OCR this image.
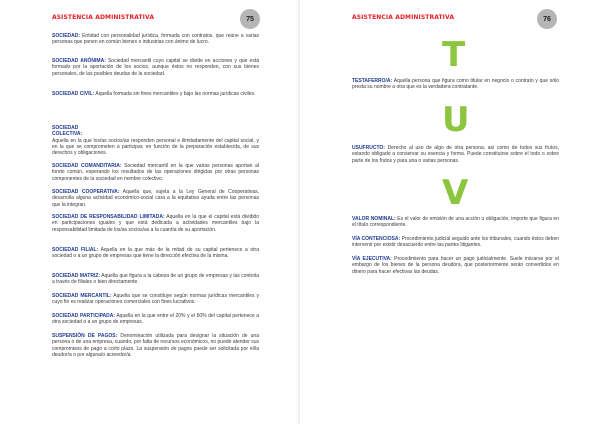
ASISTENCIA ADMINISTRATIVA	75
SOCIEDAD: Entidad con personalidad jurídica, formada con contratos, que reúne a varias personas que ponen en común bienes o industrias con ánimo de lucro.
SOCIEDAD ANÓNIMA: Sociedad mercantil cuyo capital se divide en acciones y que está formado por la aportación de los socios, aunque éstos no responden, con sus bienes personales, de las posibles deudas de la sociedad.
SOCIEDAD CIVIL: Aquella formada sin fines mercantiles y bajo las normas jurídicas civiles.
SOCIEDAD
COLECTIVA:
Aquella en la que los/as socios/as responden personal e ilimitadamente del capital social, y en la que se comprometen a participar, en función de la preparación establecida, de sus derechos y obligaciones.
SOCIEDAD COMANDITARIA: Sociedad mercantil en la que varias personas aportan al fondo común, esperando los resultados de las operaciones dirigidas por otras personas componentes de la sociedad en nombre colectivo.
SOCIEDAD COOPERATIVA: Aquella que, sujeta a la Ley General de Cooperativas, desarrolla alguna actividad económico-social cara a la equitativa ayuda entre las personas que la integran.
SOCIEDAD DE RESPONSABILIDAD LIMITADA: Aquella en la que el capital está dividido en participaciones iguales y que está dedicada a actividades mercantiles bajo la responsabilidad limitada de los/as socios/as a la cuantía de su aportación.
SOCIEDAD FILIAL: Aquella en la que más de la mitad de su capital pertenece a otra sociedad o a un grupo de empresas que tiene la dirección efectiva de la misma.
SOCIEDAD MATRIZ: Aquella que figura a la cabeza de un grupo de empresas y las controla a través de filiales o bien directamente.
SOCIEDAD MERCANTIL: Aquella que se constituye según normas jurídicas mercantiles y cuyo fin es realizar operaciones comerciales con fines lucrativos.
SOCIEDAD PARTICIPADA: Aquella en la que entre el 20% y el 50% del capital pertenece a otra sociedad o a un grupo de empresas.
SUSPENSIÓN DE PAGOS: Denominación utilizada para designar la situación de una persona o de una empresa, cuando, por falta de recursos económicos, no puede atender sus compromisos de pago a corto plazo. La suspensión de pagos puede ser solicitada por el/la deudor/a o por alguna/o acreedor/a.
ASISTENCIA ADMINISTRATIVA	76
T
TESTAFERRO/A: Aquella persona que figura como titular en negocio o contrato y que sólo presta su nombre a otra que es la verdadera contratante.
U
USUFRUCTO: Derecho al uso de algo de otra persona, así como de todos sus frutos, estando obligado a conservar su esencia y forma. Puede constituirse sobre el todo o sobre parte de los frutos y para una o varias personas.
V
VALOR NOMINAL: Es el valor de emisión de una acción u obligación, importe que figura en el título correspondiente.
VÍA CONTENCIOSA: Procedimiento judicial seguido ante los tribunales, cuando éstos deben intervenir por existir desacuerdo entre las partes litigantes.
VÍA EJECUTIVA: Procedimiento para hacer un pago judicialmente. Suele iniciarse por el embargo de los bienes de la persona deudora, que posteriormente serán convertidos en dinero para hacer efectivas las deudas.
